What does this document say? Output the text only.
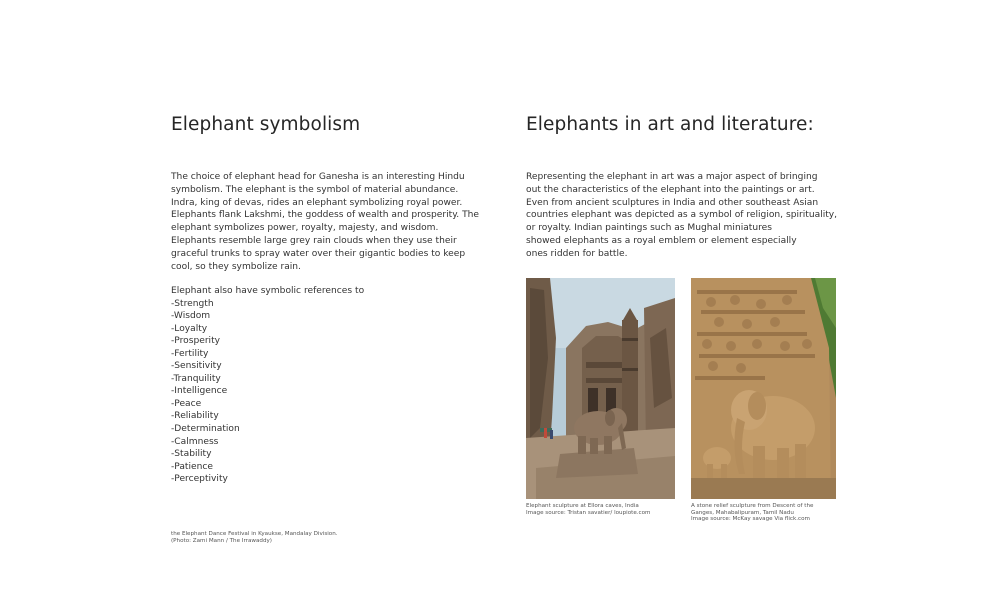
Elephant symbolism
The choice of elephant head for Ganesha is an interesting Hindu
symbolism. The elephant is the symbol of material abundance.
Indra, king of devas, rides an elephant symbolizing royal power.
Elephants flank Lakshmi, the goddess of wealth and prosperity. The
elephant symbolizes power, royalty, majesty, and wisdom.
Elephants resemble large grey rain clouds when they use their
graceful trunks to spray water over their gigantic bodies to keep
cool, so they symbolize rain.
Elephant also have symbolic references to
-Strength
-Wisdom
-Loyalty
-Prosperity
-Fertility
-Sensitivity
-Tranquility
-Intelligence
-Peace
-Reliability
-Determination
-Calmness
-Stability
-Patience
-Perceptivity
the Elephant Dance Festival in Kyaukse, Mandalay Division.
(Photo: Zami Mann / The Irrawaddy)
Elephants in art and literature:
Representing the elephant in art was a major aspect of bringing
out the characteristics of the elephant into the paintings or art.
Even from ancient sculptures in India and other southeast Asian
countries elephant was depicted as a symbol of religion, spirituality,
or royalty. Indian paintings such as Mughal miniatures
showed elephants as a royal emblem or element especially
ones ridden for battle.
Elephant sculpture at Ellora caves, India
Image source: Tristan savatier/ loupiote.com
A stone relief sculpture from Descent of the
Ganges, Mahabalipuram, Tamil Nadu
Image source: McKay savage Via flick.com
